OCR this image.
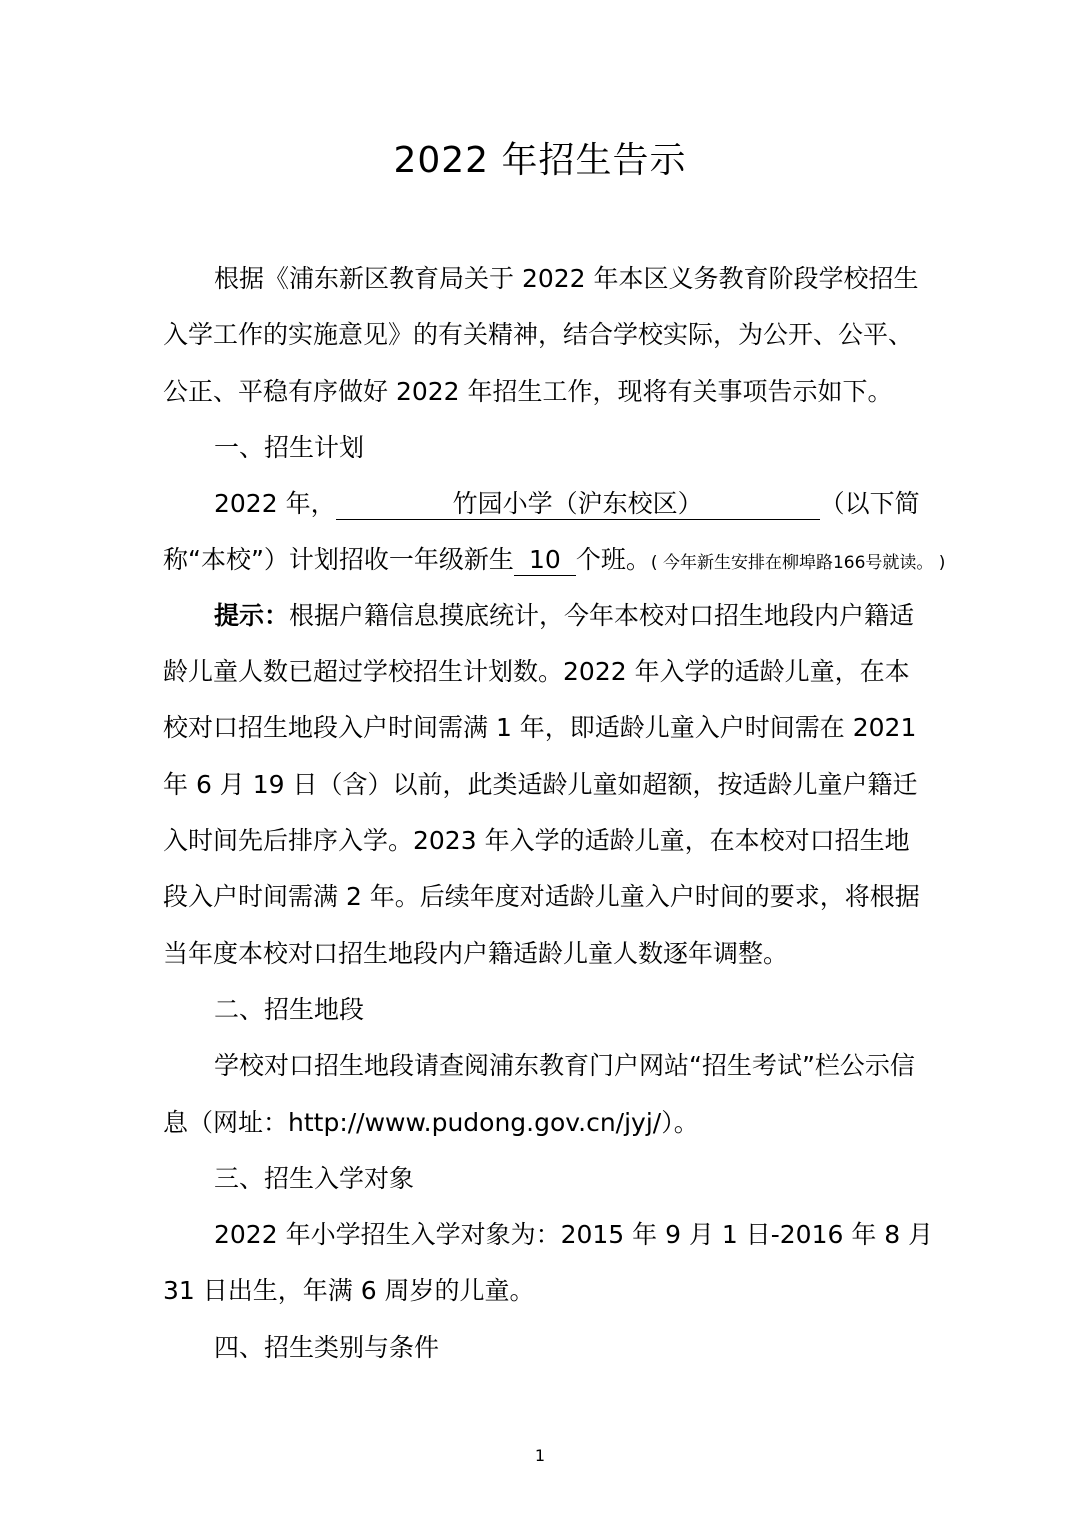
2022 年招生告示
根据《浦东新区教育局关于 2022 年本区义务教育阶段学校招生
入学工作的实施意见》的有关精神，结合学校实际，为公开、公平、
公正、平稳有序做好 2022 年招生工作，现将有关事项告示如下。
一、招生计划
2022 年，	竹园小学（沪东校区）	（以下简
称“本校”）计划招收一年级新生 10 个班。( 今年新生安排在柳埠路166号就读。 )
提示：根据户籍信息摸底统计，今年本校对口招生地段内户籍适
龄儿童人数已超过学校招生计划数。2022 年入学的适龄儿童，在本
校对口招生地段入户时间需满 1 年，即适龄儿童入户时间需在 2021
年 6 月 19 日（含）以前，此类适龄儿童如超额，按适龄儿童户籍迁
入时间先后排序入学。2023 年入学的适龄儿童，在本校对口招生地
段入户时间需满 2 年。后续年度对适龄儿童入户时间的要求，将根据
当年度本校对口招生地段内户籍适龄儿童人数逐年调整。
二、招生地段
学校对口招生地段请查阅浦东教育门户网站“招生考试”栏公示信
息（网址：http://www.pudong.gov.cn/jyj/）。
三、招生入学对象
2022 年小学招生入学对象为：2015 年 9 月 1 日-2016 年 8 月
31 日出生，年满 6 周岁的儿童。
四、招生类别与条件
1
